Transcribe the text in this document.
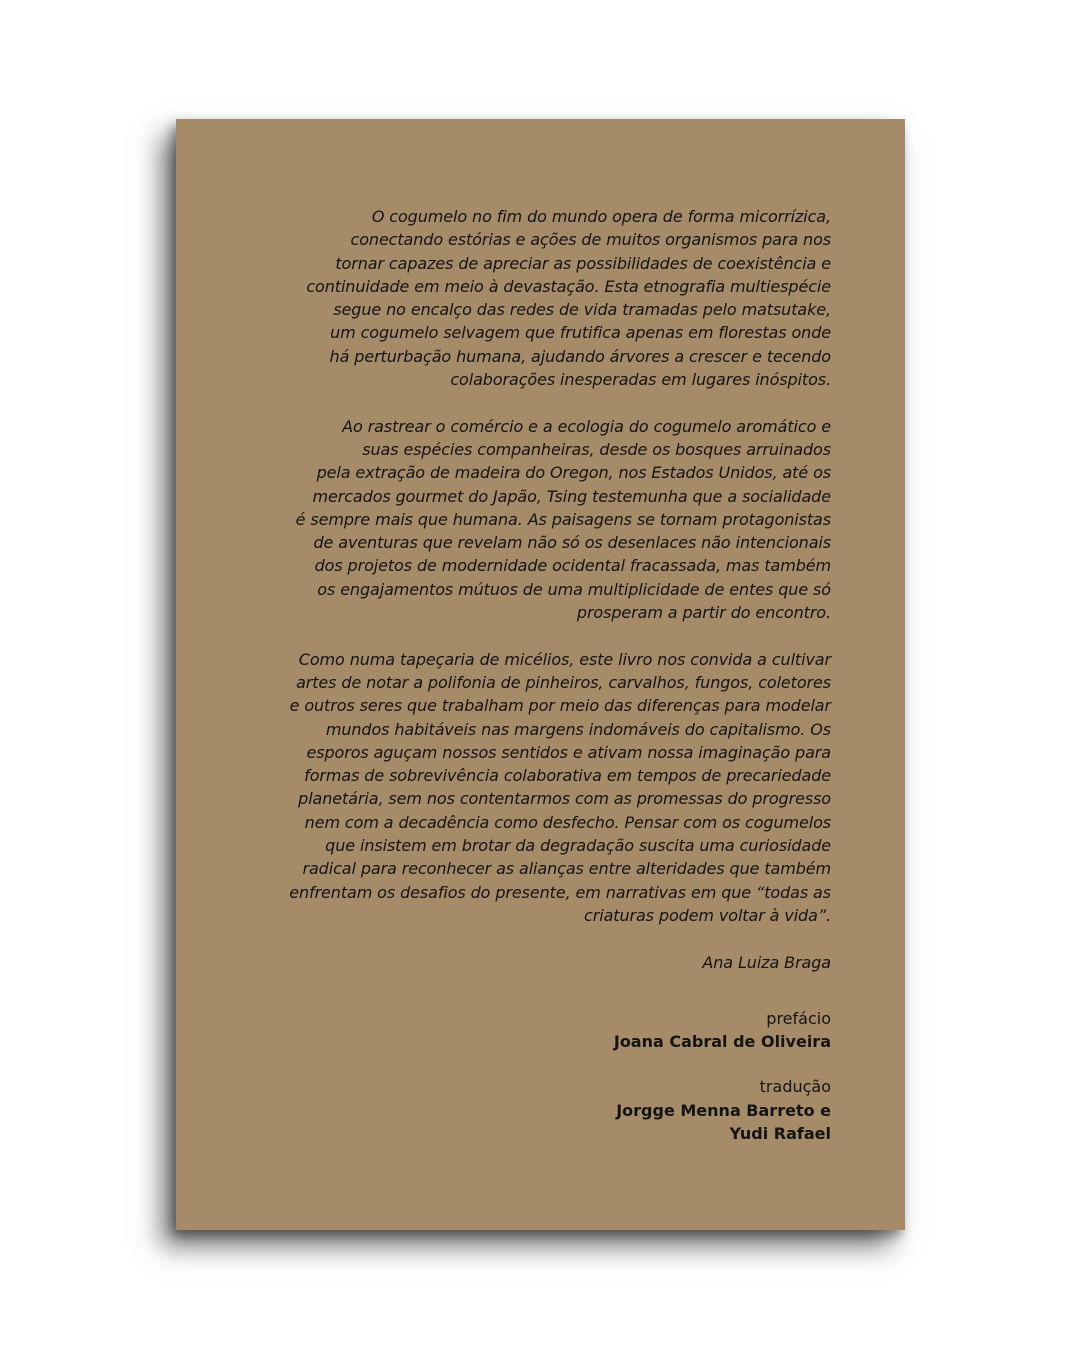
O cogumelo no fim do mundo opera de forma micorrízica,
conectando estórias e ações de muitos organismos para nos
tornar capazes de apreciar as possibilidades de coexistência e
continuidade em meio à devastação. Esta etnografia multiespécie
segue no encalço das redes de vida tramadas pelo matsutake,
um cogumelo selvagem que frutifica apenas em florestas onde
há perturbação humana, ajudando árvores a crescer e tecendo
colaborações inesperadas em lugares inóspitos.

Ao rastrear o comércio e a ecologia do cogumelo aromático e
suas espécies companheiras, desde os bosques arruinados
pela extração de madeira do Oregon, nos Estados Unidos, até os
mercados gourmet do Japão, Tsing testemunha que a socialidade
é sempre mais que humana. As paisagens se tornam protagonistas
de aventuras que revelam não só os desenlaces não intencionais
dos projetos de modernidade ocidental fracassada, mas também
os engajamentos mútuos de uma multiplicidade de entes que só
prosperam a partir do encontro.

Como numa tapeçaria de micélios, este livro nos convida a cultivar
artes de notar a polifonia de pinheiros, carvalhos, fungos, coletores
e outros seres que trabalham por meio das diferenças para modelar
mundos habitáveis nas margens indomáveis do capitalismo. Os
esporos aguçam nossos sentidos e ativam nossa imaginação para
formas de sobrevivência colaborativa em tempos de precariedade
planetária, sem nos contentarmos com as promessas do progresso
nem com a decadência como desfecho. Pensar com os cogumelos
que insistem em brotar da degradação suscita uma curiosidade
radical para reconhecer as alianças entre alteridades que também
enfrentam os desafios do presente, em narrativas em que “todas as
criaturas podem voltar à vida”.

Ana Luiza Braga

prefácio
Joana Cabral de Oliveira
tradução
Jorgge Menna Barreto e
Yudi Rafael
